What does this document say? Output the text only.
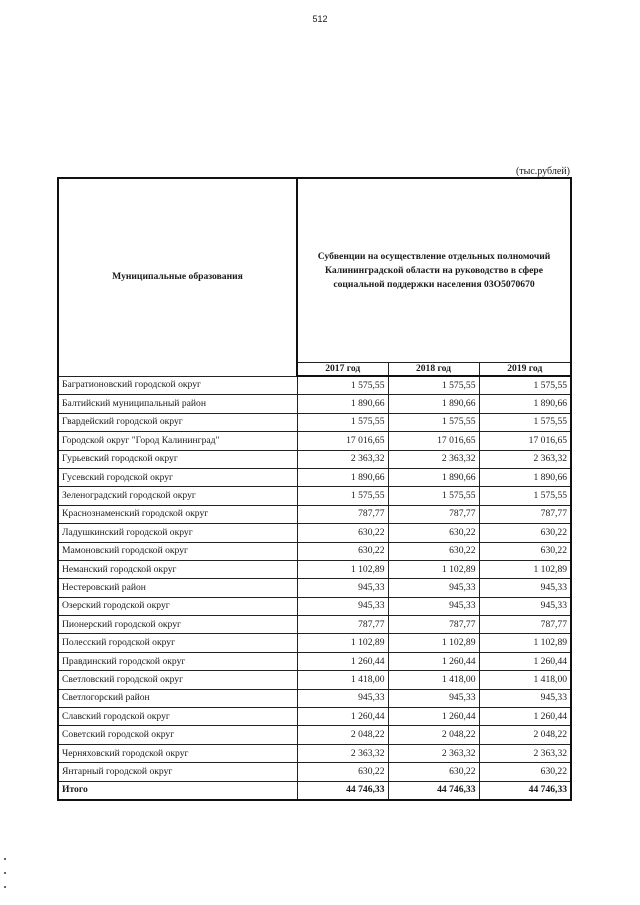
512
(тыс.рублей)
Муниципальные образования	Субвенции на осуществление отдельных полномочий Калининградской области на руководство в сфере социальной поддержки населения 03О5070670		
	2017 год	2018 год	2019 год
Багратионовский городской округ	1 575,55	1 575,55	1 575,55
Балтийский муниципальный район	1 890,66	1 890,66	1 890,66
Гвардейский городской округ	1 575,55	1 575,55	1 575,55
Городской округ "Город Калининград"	17 016,65	17 016,65	17 016,65
Гурьевский городской округ	2 363,32	2 363,32	2 363,32
Гусевский городской округ	1 890,66	1 890,66	1 890,66
Зеленоградский городской округ	1 575,55	1 575,55	1 575,55
Краснознаменский городской округ	787,77	787,77	787,77
Ладушкинский городской округ	630,22	630,22	630,22
Мамоновский городской округ	630,22	630,22	630,22
Неманский городской округ	1 102,89	1 102,89	1 102,89
Нестеровский район	945,33	945,33	945,33
Озерский городской округ	945,33	945,33	945,33
Пионерский городской округ	787,77	787,77	787,77
Полесский городской округ	1 102,89	1 102,89	1 102,89
Правдинский городской округ	1 260,44	1 260,44	1 260,44
Светловский городской округ	1 418,00	1 418,00	1 418,00
Светлогорский район	945,33	945,33	945,33
Славский городской округ	1 260,44	1 260,44	1 260,44
Советский городской округ	2 048,22	2 048,22	2 048,22
Черняховский городской округ	2 363,32	2 363,32	2 363,32
Янтарный городской округ	630,22	630,22	630,22
Итого	44 746,33	44 746,33	44 746,33
